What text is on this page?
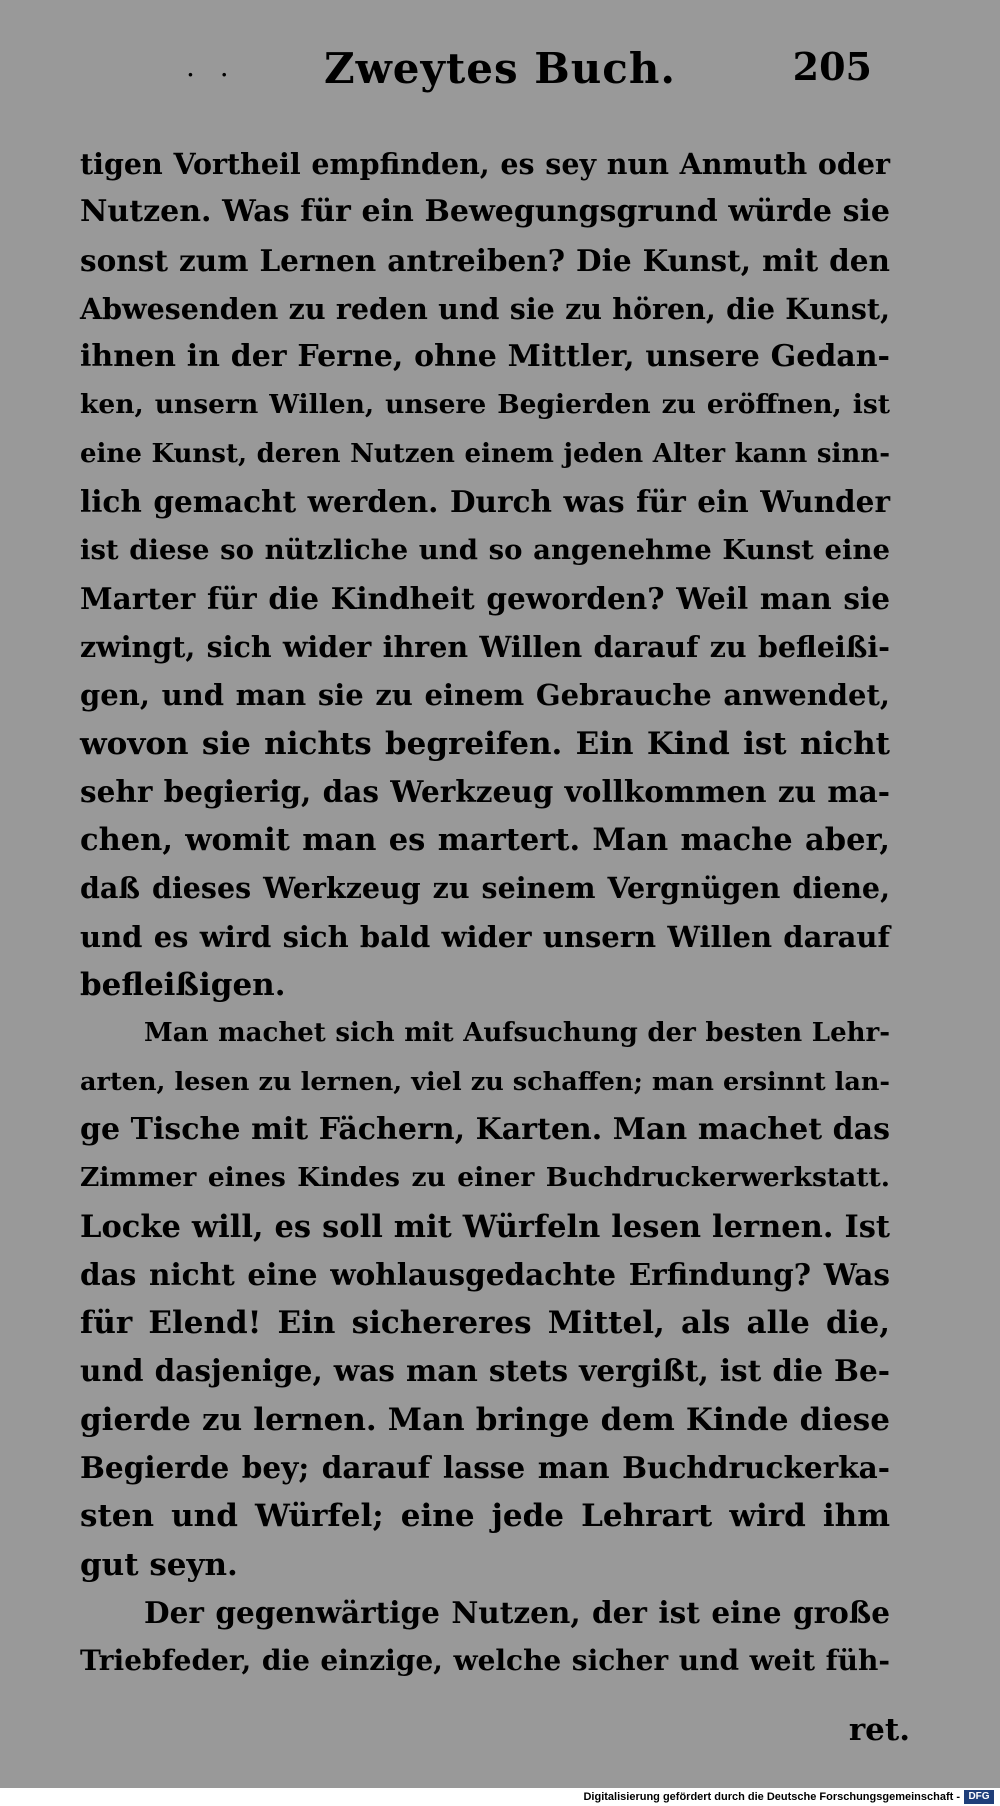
. .	Zweytes Buch.	205
tigen Vortheil empfinden, es sey nun Anmuth oder
Nutzen. Was für ein Bewegungsgrund würde sie
sonst zum Lernen antreiben? Die Kunst, mit den
Abwesenden zu reden und sie zu hören, die Kunst,
ihnen in der Ferne, ohne Mittler, unsere Gedan-
ken, unsern Willen, unsere Begierden zu eröffnen, ist
eine Kunst, deren Nutzen einem jeden Alter kann sinn-
lich gemacht werden. Durch was für ein Wunder
ist diese so nützliche und so angenehme Kunst eine
Marter für die Kindheit geworden? Weil man sie
zwingt, sich wider ihren Willen darauf zu befleißi-
gen, und man sie zu einem Gebrauche anwendet,
wovon sie nichts begreifen. Ein Kind ist nicht
sehr begierig, das Werkzeug vollkommen zu ma-
chen, womit man es martert. Man mache aber,
daß dieses Werkzeug zu seinem Vergnügen diene,
und es wird sich bald wider unsern Willen darauf
befleißigen.
Man machet sich mit Aufsuchung der besten Lehr-
arten, lesen zu lernen, viel zu schaffen; man ersinnt lan-
ge Tische mit Fächern, Karten. Man machet das
Zimmer eines Kindes zu einer Buchdruckerwerkstatt.
Locke will, es soll mit Würfeln lesen lernen. Ist
das nicht eine wohlausgedachte Erfindung? Was
für Elend! Ein sichereres Mittel, als alle die,
und dasjenige, was man stets vergißt, ist die Be-
gierde zu lernen. Man bringe dem Kinde diese
Begierde bey; darauf lasse man Buchdruckerka-
sten und Würfel; eine jede Lehrart wird ihm
gut seyn.
Der gegenwärtige Nutzen, der ist eine große
Triebfeder, die einzige, welche sicher und weit füh-
ret.
Digitalisierung gefördert durch die Deutsche Forschungsgemeinschaft - DFG
